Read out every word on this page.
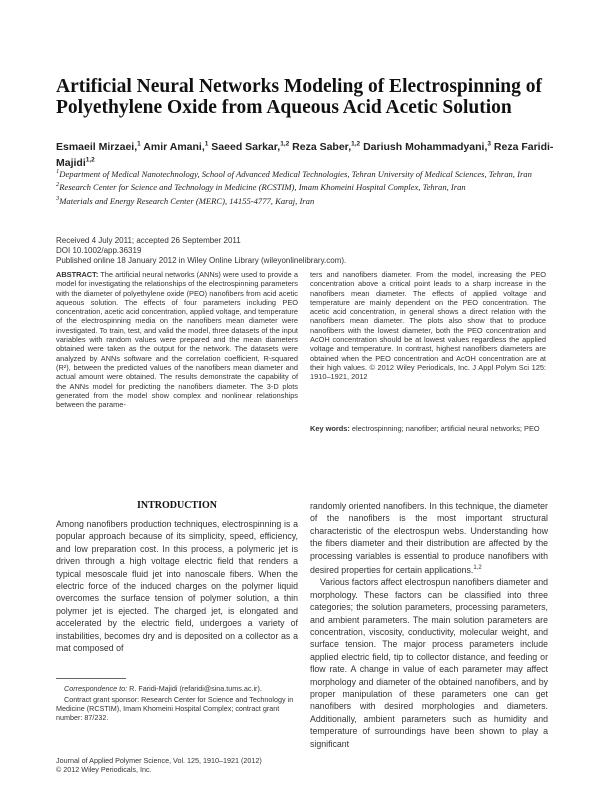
Artificial Neural Networks Modeling of Electrospinning of Polyethylene Oxide from Aqueous Acid Acetic Solution
Esmaeil Mirzaei,$^1$ Amir Amani,$^1$ Saeed Sarkar,$^{1,2}$ Reza Saber,$^{1,2}$ Dariush Mohammadyani,$^3$ Reza Faridi-Majidi$^{1,2}$
$^1$Department of Medical Nanotechnology, School of Advanced Medical Technologies, Tehran University of Medical Sciences, Tehran, Iran
$^2$Research Center for Science and Technology in Medicine (RCSTIM), Imam Khomeini Hospital Complex, Tehran, Iran
$^3$Materials and Energy Research Center (MERC), 14155-4777, Karaj, Iran
Received 4 July 2011; accepted 26 September 2011
DOI 10.1002/app.36319
Published online 18 January 2012 in Wiley Online Library (wileyonlinelibrary.com).
ABSTRACT: The artificial neural networks (ANNs) were used to provide a model for investigating the relationships of the electrospinning parameters with the diameter of polyethylene oxide (PEO) nanofibers from acid acetic aqueous solution. The effects of four parameters including PEO concentration, acetic acid concentration, applied voltage, and temperature of the electrospinning media on the nanofibers mean diameter were investigated. To train, test, and valid the model, three datasets of the input variables with random values were prepared and the mean diameters obtained were taken as the output for the network. The datasets were analyzed by ANNs software and the correlation coefficient, R-squared (R²), between the predicted values of the nanofibers mean diameter and actual amount were obtained. The results demonstrate the capability of the ANNs model for predicting the nanofibers diameter. The 3-D plots generated from the model show complex and nonlinear relationships between the parame-
ters and nanofibers diameter. From the model, increasing the PEO concentration above a critical point leads to a sharp increase in the nanofibers mean diameter. The effects of applied voltage and temperature are mainly dependent on the PEO concentration. The acetic acid concentration, in general shows a direct relation with the nanofibers mean diameter. The plots also show that to produce nanofibers with the lowest diameter, both the PEO concentration and AcOH concentration should be at lowest values regardless the applied voltage and temperature. In contrast, highest nanofibers diameters are obtained when the PEO concentration and AcOH concentration are at their high values. © 2012 Wiley Periodicals, Inc. J Appl Polym Sci 125: 1910–1921, 2012
Key words: electrospinning; nanofiber; artificial neural networks; PEO
INTRODUCTION

Among nanofibers production techniques, electrospinning is a popular approach because of its simplicity, speed, efficiency, and low preparation cost. In this process, a polymeric jet is driven through a high voltage electric field that renders a typical mesoscale fluid jet into nanoscale fibers. When the electric force of the induced charges on the polymer liquid overcomes the surface tension of polymer solution, a thin polymer jet is ejected. The charged jet, is elongated and accelerated by the electric field, undergoes a variety of instabilities, becomes dry and is deposited on a collector as a mat composed of

randomly oriented nanofibers. In this technique, the diameter of the nanofibers is the most important structural characteristic of the electrospun webs. Understanding how the fibers diameter and their distribution are affected by the processing variables is essential to produce nanofibers with desired properties for certain applications.$^{1,2}$

Various factors affect electrospun nanofibers diameter and morphology. These factors can be classified into three categories; the solution parameters, processing parameters, and ambient parameters. The main solution parameters are concentration, viscosity, conductivity, molecular weight, and surface tension. The major process parameters include applied electric field, tip to collector distance, and feeding or flow rate. A change in value of each parameter may affect morphology and diameter of the obtained nanofibers, and by proper manipulation of these parameters one can get nanofibers with desired morphologies and diameters. Additionally, ambient parameters such as humidity and temperature of surroundings have been shown to play a significant

Correspondence to: R. Faridi-Majidi (refaridi@sina.tums.ac.ir).

Contract grant sponsor: Research Center for Science and Technology in Medicine (RCSTIM), Imam Khomeini Hospital Complex; contract grant number: 87/232.

Journal of Applied Polymer Science, Vol. 125, 1910–1921 (2012)
© 2012 Wiley Periodicals, Inc.
